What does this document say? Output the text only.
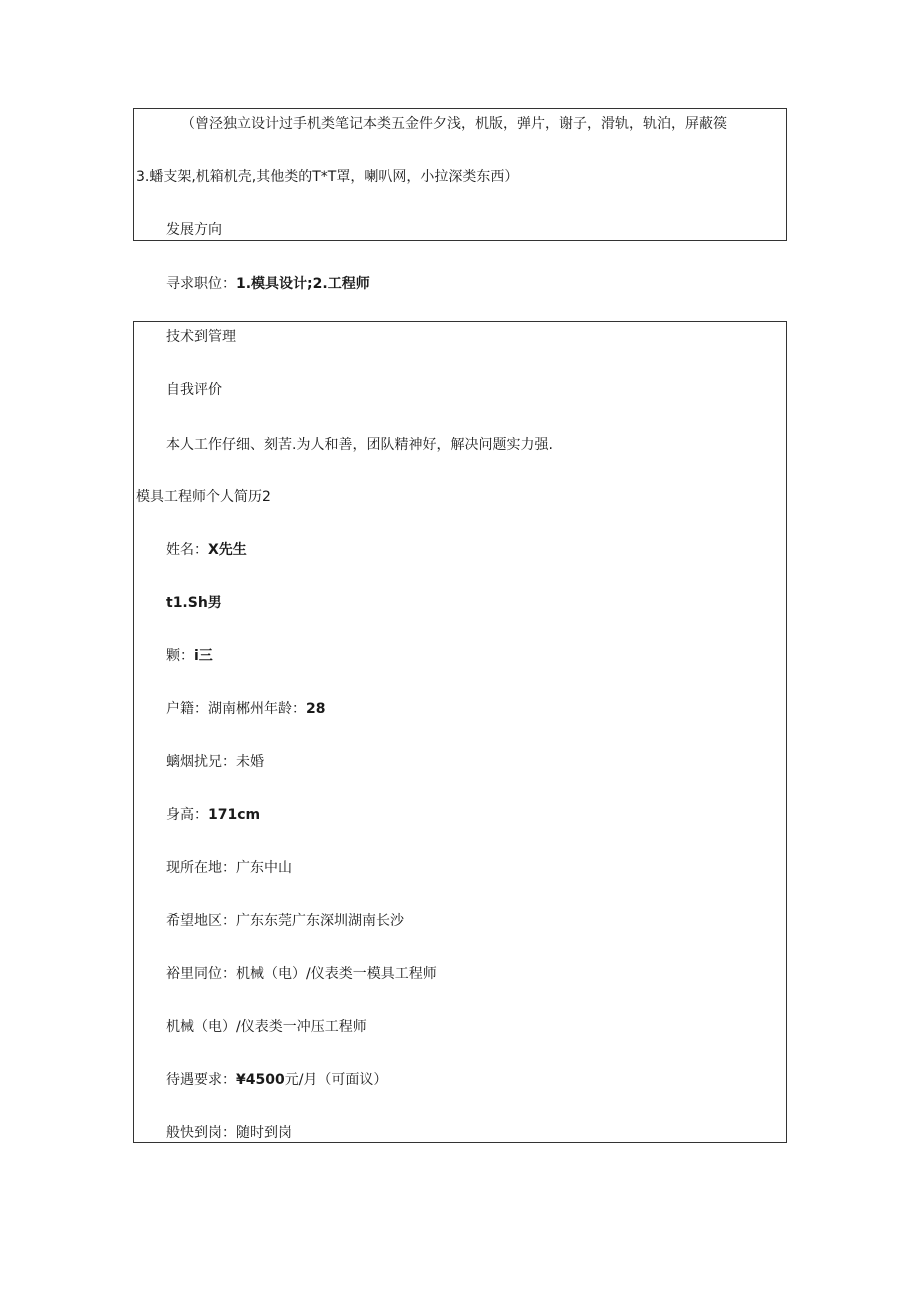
（曾泾独立设计过手机类笔记本类五金件夕浅，机版，弹片，谢子，滑轨，轨泊，屏蔽篌
3.蟠支架,机箱机壳,其他类的T*T罩，喇叭网，小拉深类东西）
发展方向
寻求职位：1.模具设计;2.工程师
技术到管理
自我评价
本人工作仔细、刻苦.为人和善，团队精神好，解决问题实力强.
模具工程师个人简历2
姓名：X先生
t1.Sh男
颗：i三
户籍：湖南郴州年龄：28
螭烟扰兄：未婚
身高：171cm
现所在地：广东中山
希望地区：广东东莞广东深圳湖南长沙
裕里同位：机械（电）/仪表类一模具工程师
机械（电）/仪表类一冲压工程师
待遇要求：¥4500元/月（可面议）
般快到岗：随时到岗
